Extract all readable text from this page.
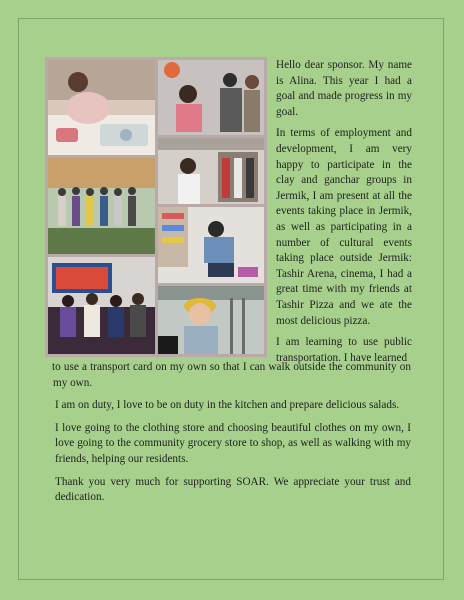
Hello dear sponsor. My name is Alina. This year I had a goal and made progress in my goal.

In terms of employment and development, I am very happy to participate in the clay and ganchar groups in Jermik, I am present at all the events taking place in Jermik, as well as participating in a number of cultural events taking place outside Jermik: Tashir Arena, cinema, I had a great time with my friends at Tashir Pizza and we ate the most delicious pizza.

I am learning to use public transportation. I have learned

to use a transport card on my own so that I can walk outside the community on my own.

I am on duty, I love to be on duty in the kitchen and prepare delicious salads.

I love going to the clothing store and choosing beautiful clothes on my own, I love going to the community grocery store to shop, as well as walking with my friends, helping our residents.

Thank you very much for supporting SOAR. We appreciate your trust and dedication.
